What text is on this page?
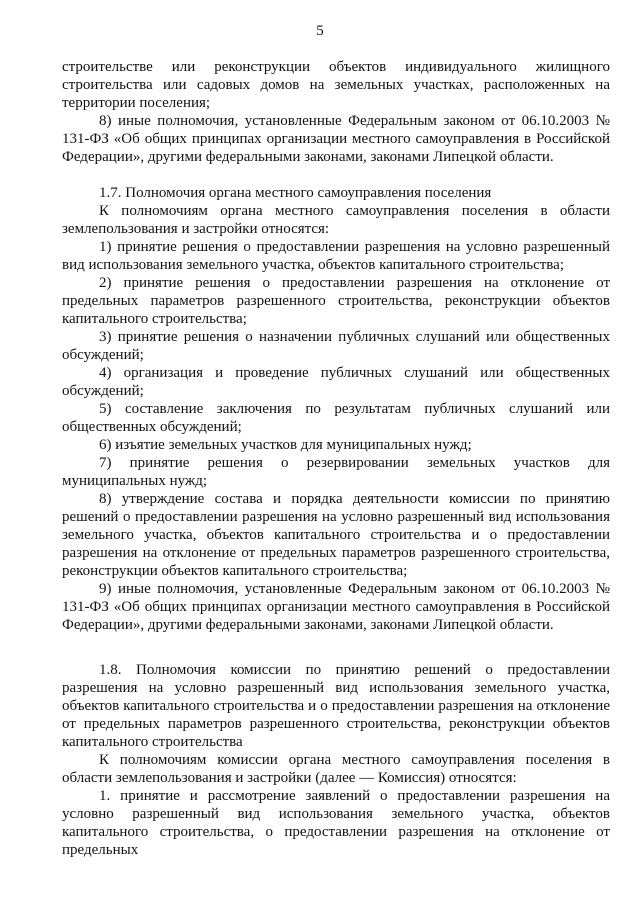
5

строительстве или реконструкции объектов индивидуального жилищного строительства или садовых домов на земельных участках, расположенных на территории поселения;

8) иные полномочия, установленные Федеральным законом от 06.10.2003 № 131-ФЗ «Об общих принципах организации местного самоуправления в Российской Федерации», другими федеральными законами, законами Липецкой области.

1.7. Полномочия органа местного самоуправления поселения

К полномочиям органа местного самоуправления поселения в области землепользования и застройки относятся:

1) принятие решения о предоставлении разрешения на условно разрешенный вид использования земельного участка, объектов капитального строительства;

2) принятие решения о предоставлении разрешения на отклонение от предельных параметров разрешенного строительства, реконструкции объектов капитального строительства;

3) принятие решения о назначении публичных слушаний или общественных обсуждений;

4) организация и проведение публичных слушаний или общественных обсуждений;

5) составление заключения по результатам публичных слушаний или общественных обсуждений;

6) изъятие земельных участков для муниципальных нужд;

7) принятие решения о резервировании земельных участков для муниципальных нужд;

8) утверждение состава и порядка деятельности комиссии по принятию решений о предоставлении разрешения на условно разрешенный вид использования земельного участка, объектов капитального строительства и о предоставлении разрешения на отклонение от предельных параметров разрешенного строительства, реконструкции объектов капитального строительства;

9) иные полномочия, установленные Федеральным законом от 06.10.2003 № 131-ФЗ «Об общих принципах организации местного самоуправления в Российской Федерации», другими федеральными законами, законами Липецкой области.

1.8. Полномочия комиссии по принятию решений о предоставлении разрешения на условно разрешенный вид использования земельного участка, объектов капитального строительства и о предоставлении разрешения на отклонение от предельных параметров разрешенного строительства, реконструкции объектов капитального строительства

К полномочиям комиссии органа местного самоуправления поселения в области землепользования и застройки (далее — Комиссия) относятся:

1. принятие и рассмотрение заявлений о предоставлении разрешения на условно разрешенный вид использования земельного участка, объектов капитального строительства, о предоставлении разрешения на отклонение от предельных
